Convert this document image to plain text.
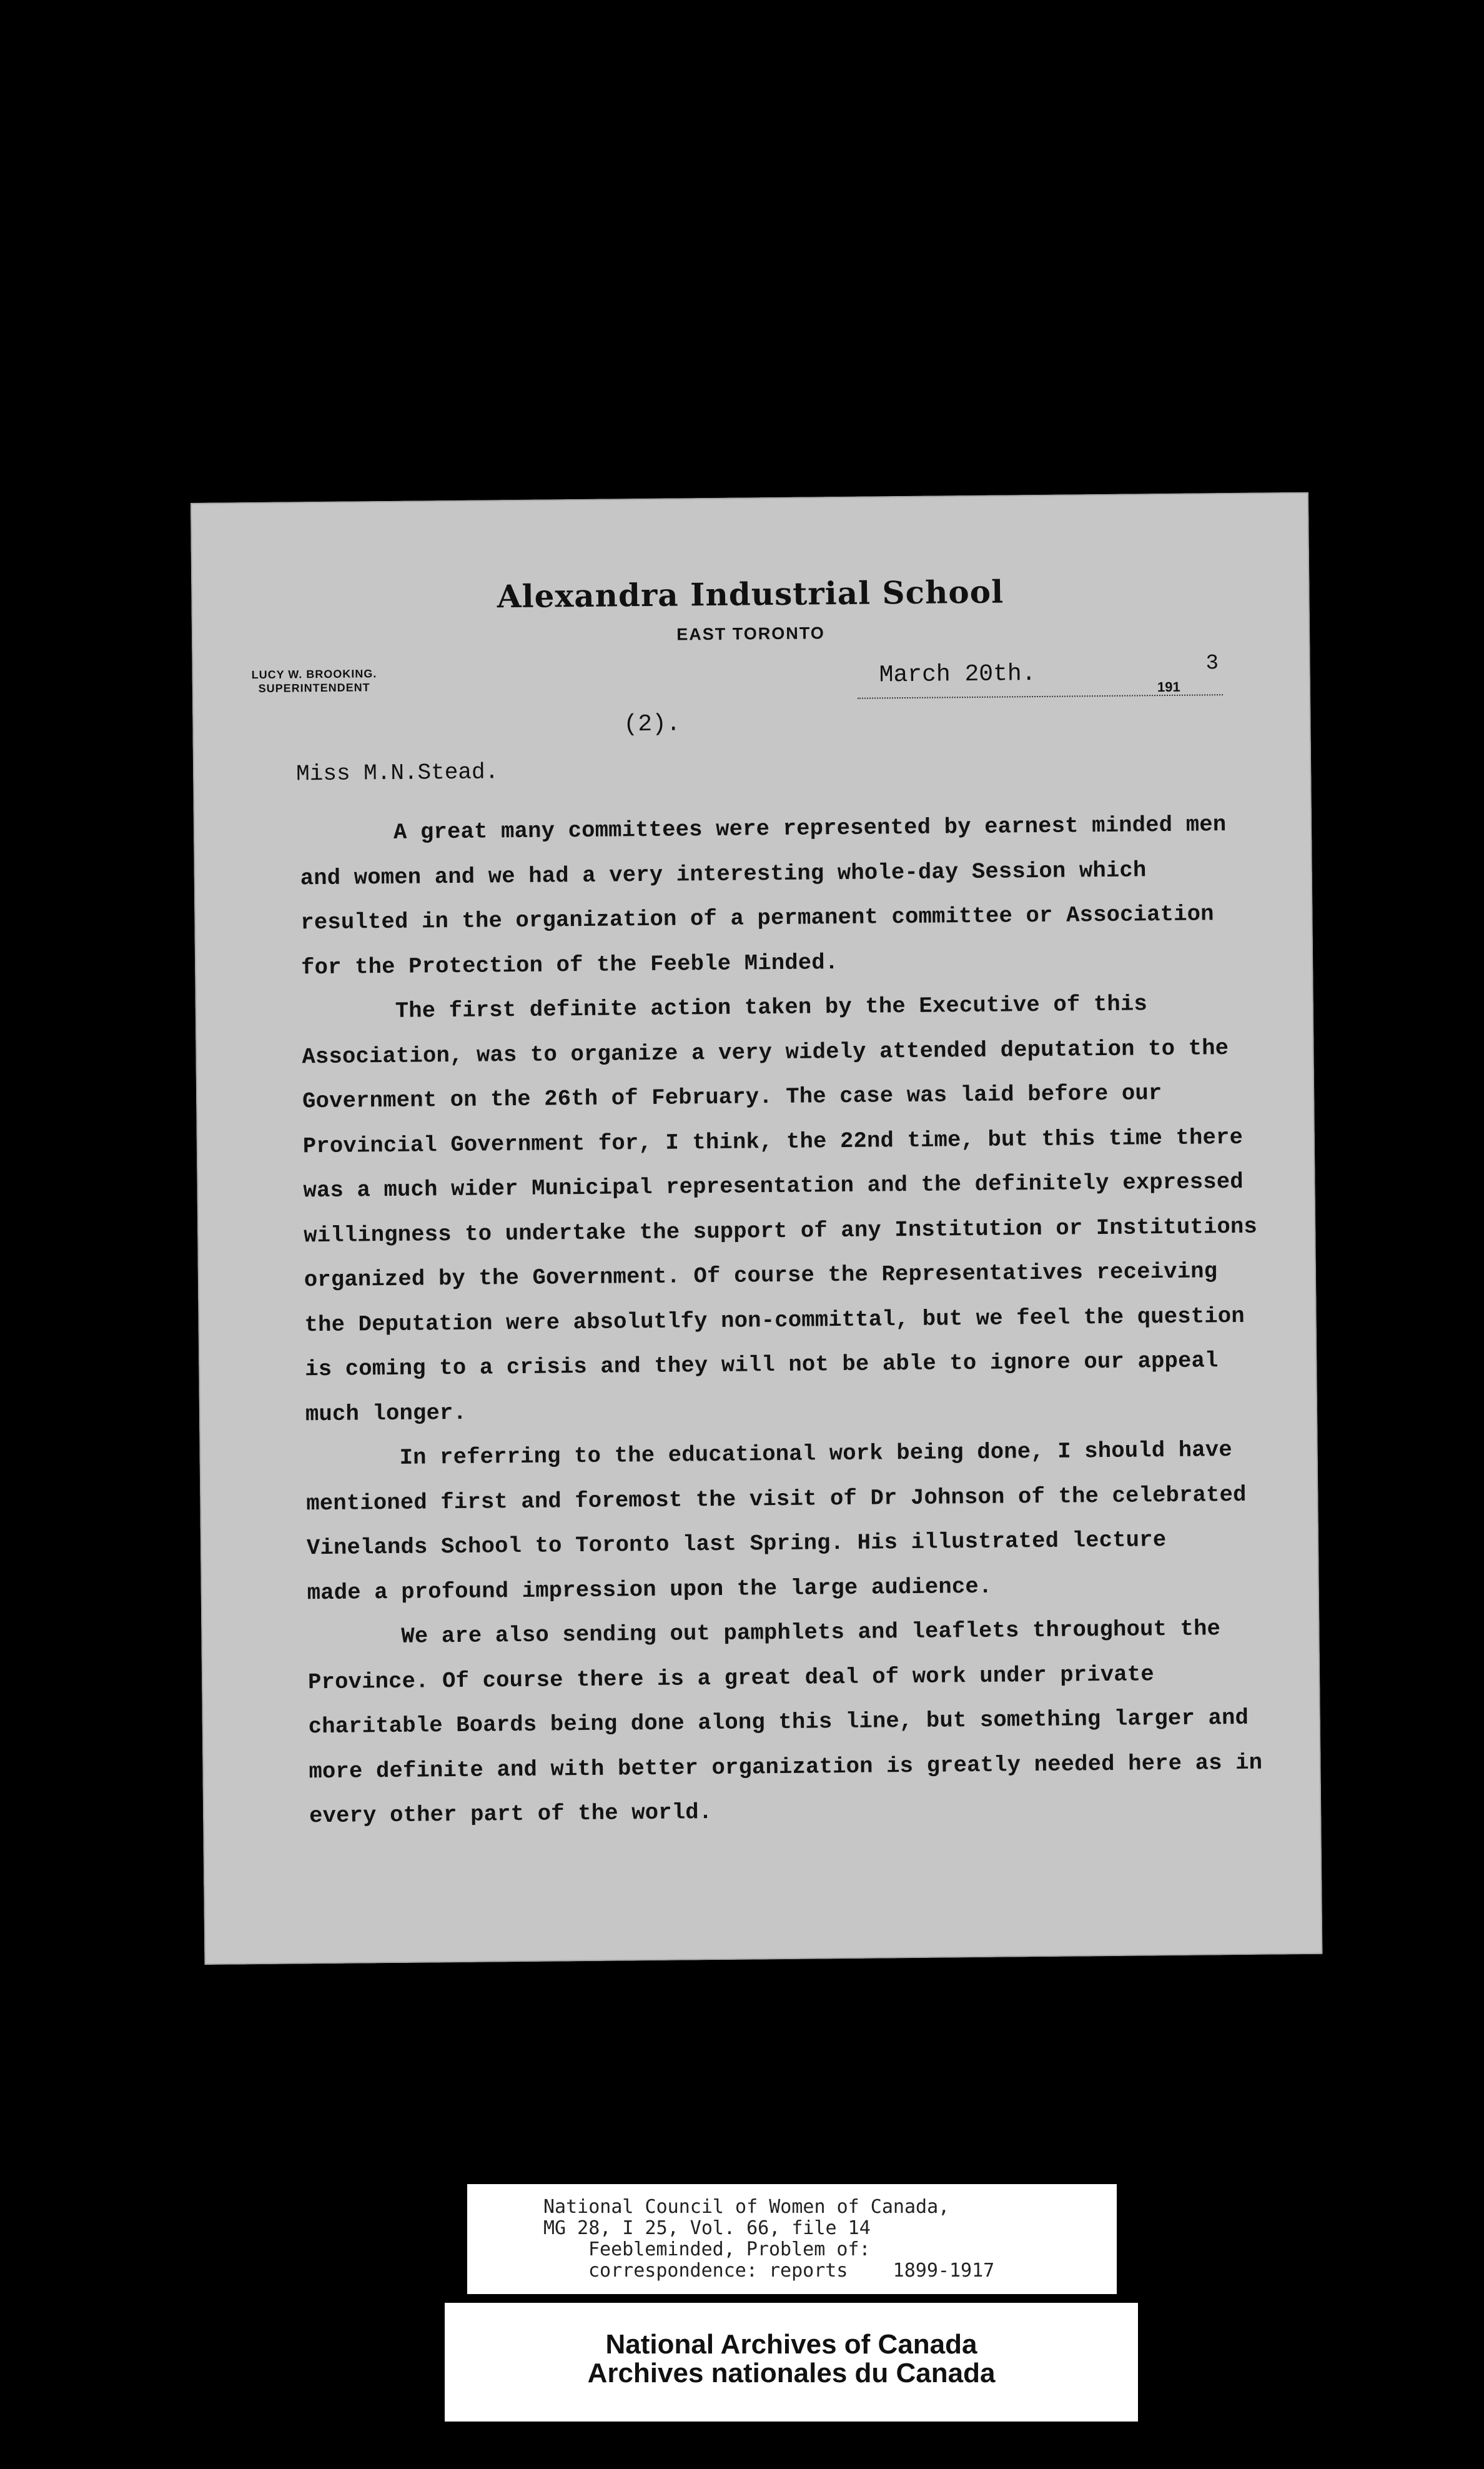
Alexandra Industrial School
EAST TORONTO
LUCY W. BROOKING.
SUPERINTENDENT	March 20th.	3
191
(2).
Miss M.N.Stead.

A great many committees were represented by earnest minded men

and women and we had a very interesting whole-day Session which

resulted in the organization of a permanent committee or Association

for the Protection of the Feeble Minded.

The first definite action taken by the Executive of this

Association, was to organize a very widely attended deputation to the

Government on the 26th of February. The case was laid before our

Provincial Government for, I think, the 22nd time, but this time there

was a much wider Municipal representation and the definitely expressed

willingness to undertake the support of any Institution or Institutions

organized by the Government. Of course the Representatives receiving

the Deputation were absolutlfy non-committal, but we feel the question

is coming to a crisis and they will not be able to ignore our appeal

much longer.

In referring to the educational work being done, I should have

mentioned first and foremost the visit of Dr Johnson of the celebrated

Vinelands School to Toronto last Spring. His illustrated lecture

made a profound impression upon the large audience.

We are also sending out pamphlets and leaflets throughout the

Province. Of course there is a great deal of work under private

charitable Boards being done along this line, but something larger and

more definite and with better organization is greatly needed here as in

every other part of the world.

National Council of Women of Canada,
MG 28, I 25, Vol. 66, file 14
Feebleminded, Problem of:
correspondence: reports    1899-1917
National Archives of Canada
Archives nationales du Canada
